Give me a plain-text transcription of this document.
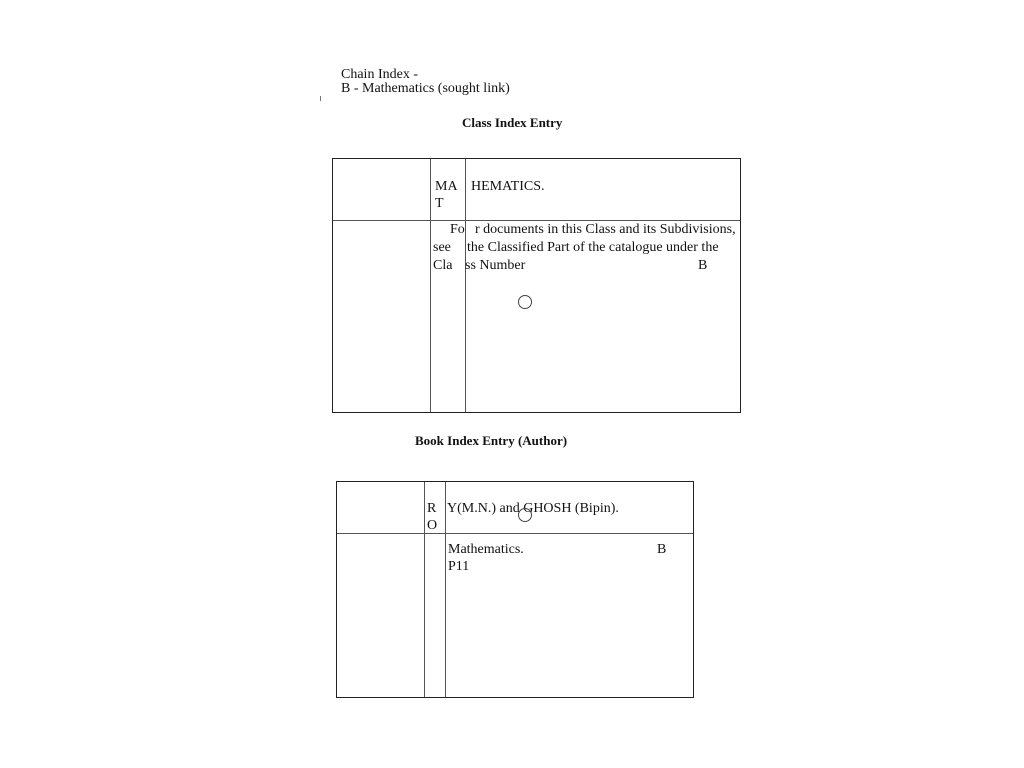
Chain Index -
B - Mathematics (sought link)
Class Index Entry
MA
T
HEMATICS.
Fo
see
Cla
r documents in this Class and its Subdivisions,
the Classified Part of the catalogue under the
ss Number	B
Book Index Entry (Author)
R
O
Y(M.N.) and GHOSH (Bipin).
Mathematics.	B
P11
